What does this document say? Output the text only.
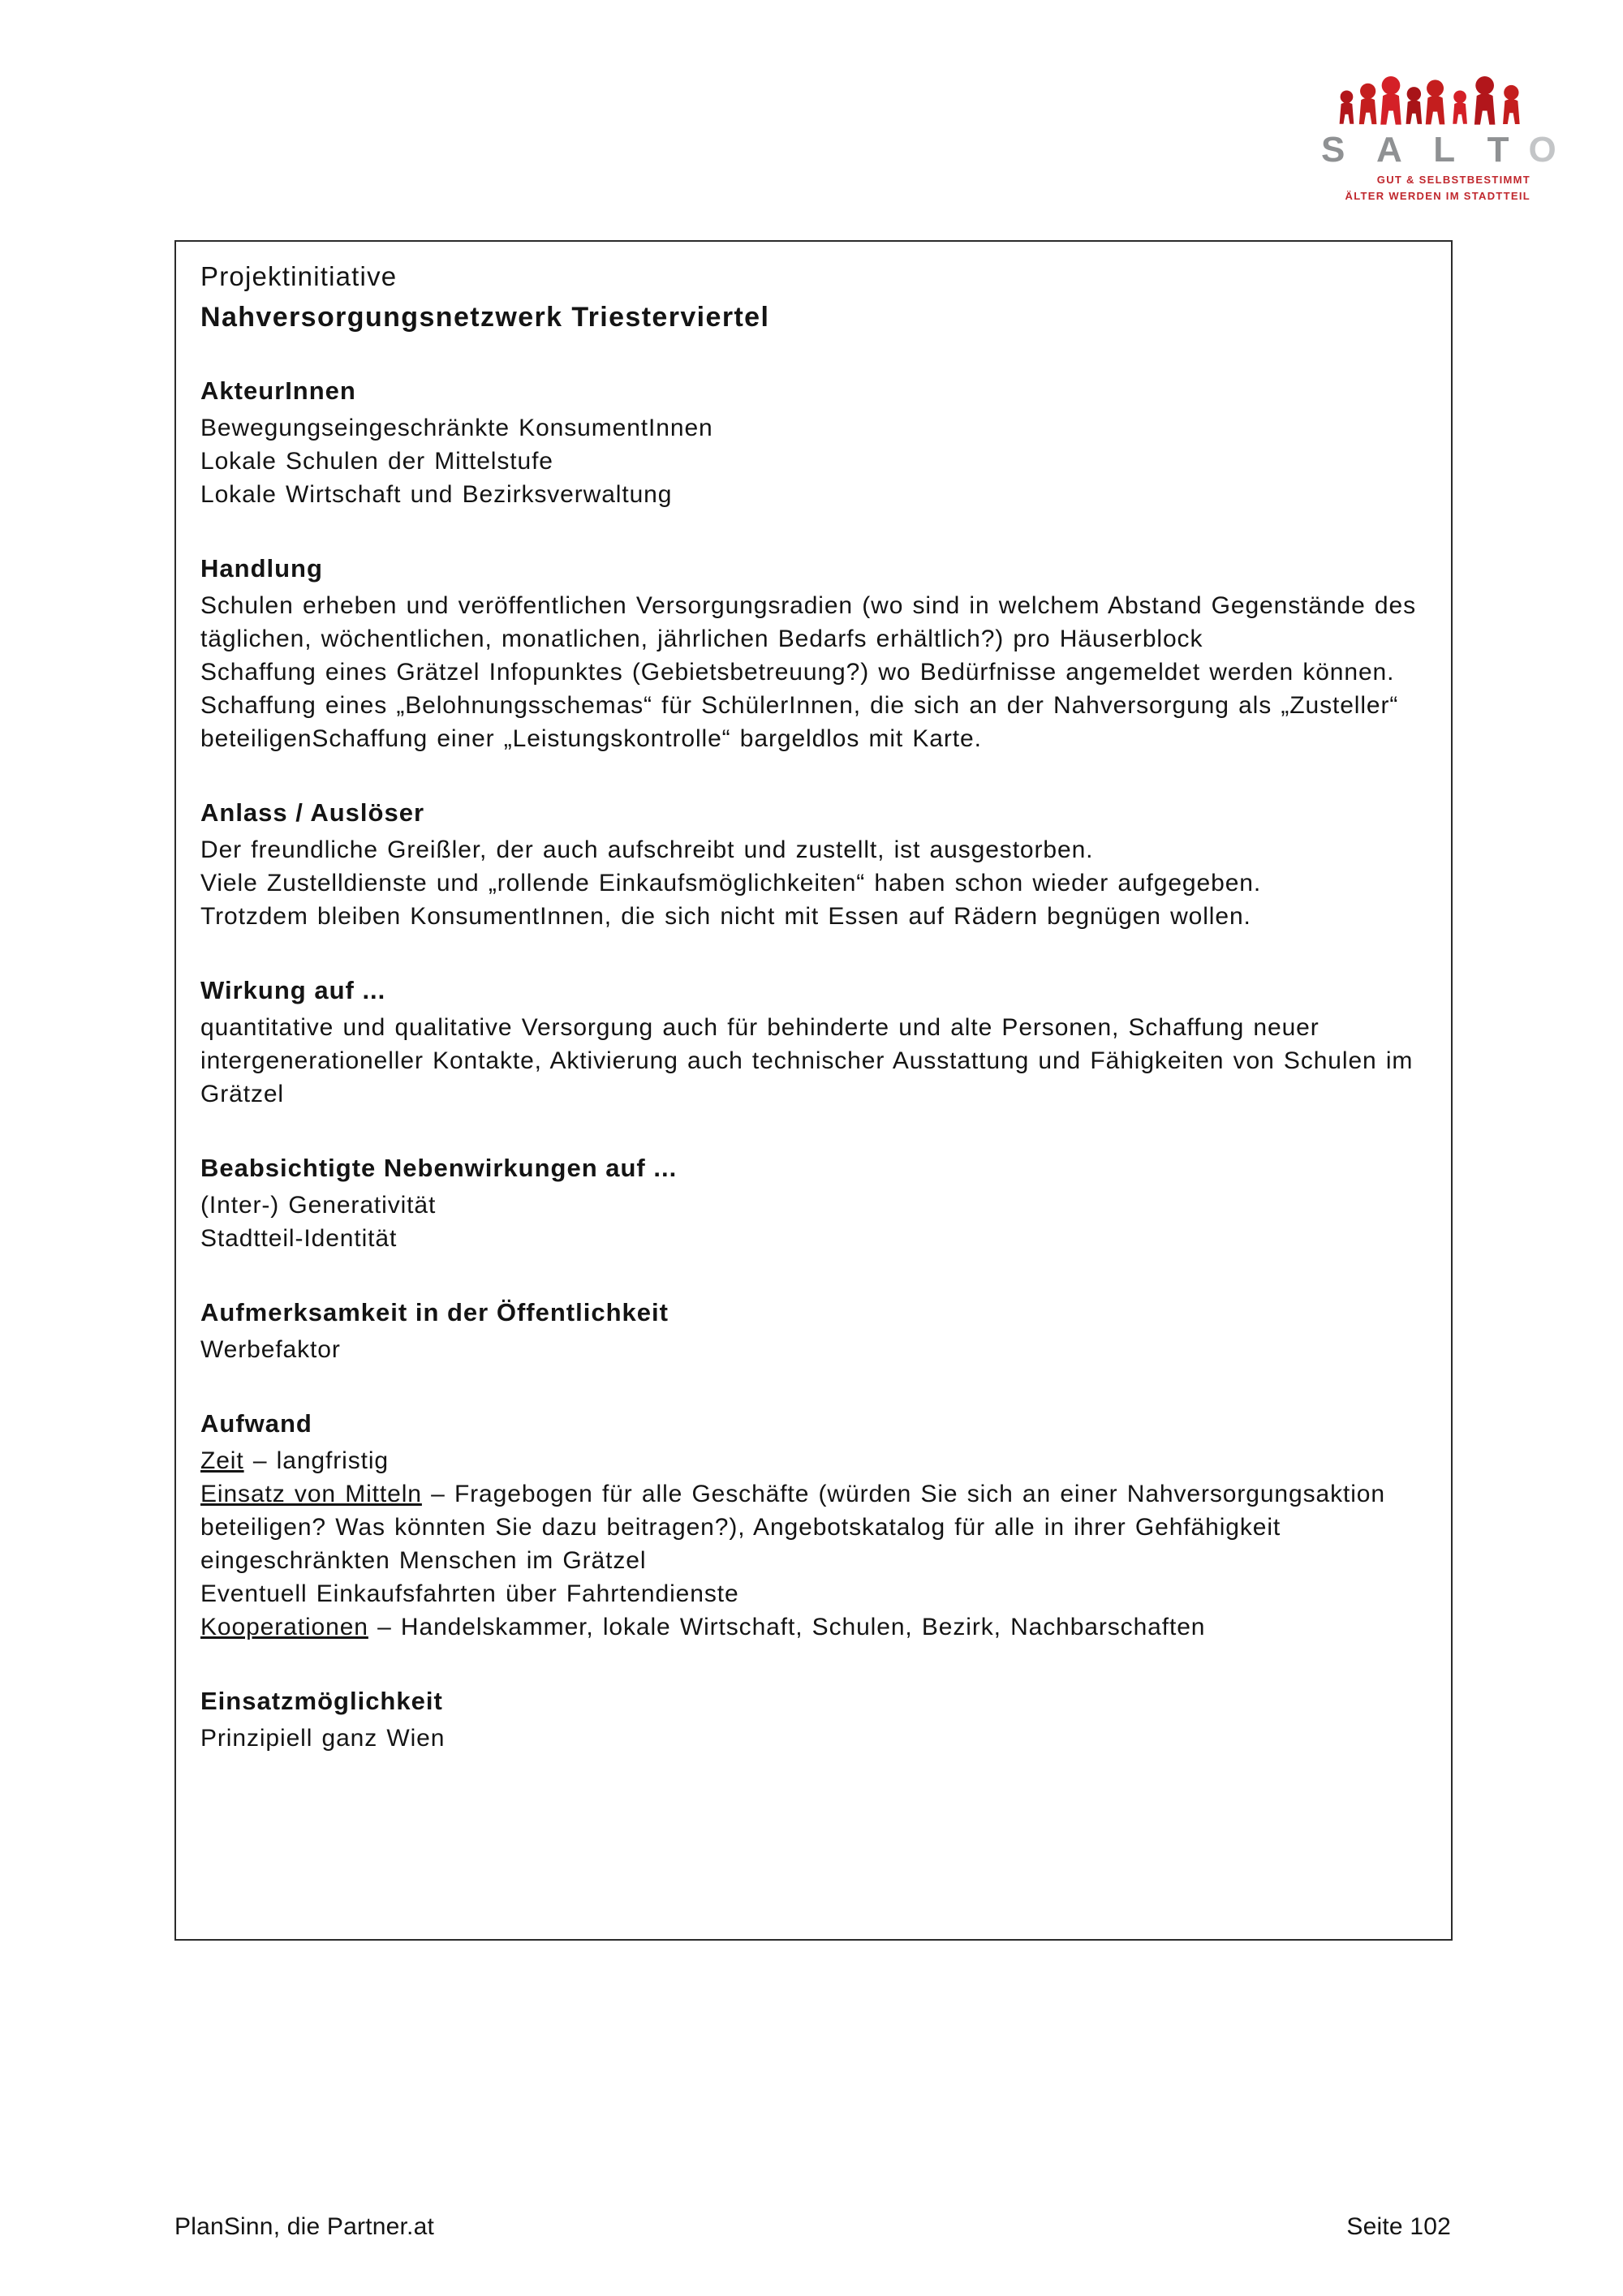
S A L T O
GUT & SELBSTBESTIMMT
ÄLTER WERDEN IM STADTTEIL
Projektinitiative
Nahversorgungsnetzwerk Triesterviertel
AkteurInnen
Bewegungseingeschränkte KonsumentInnen
Lokale Schulen der Mittelstufe
Lokale Wirtschaft und Bezirksverwaltung
Handlung
Schulen erheben und veröffentlichen Versorgungsradien (wo sind in welchem Abstand Gegenstände des täglichen, wöchentlichen, monatlichen, jährlichen Bedarfs erhältlich?) pro Häuserblock
Schaffung eines Grätzel Infopunktes (Gebietsbetreuung?) wo Bedürfnisse angemeldet werden können. Schaffung eines „Belohnungsschemas“ für SchülerInnen, die sich an der Nahversorgung als „Zusteller“ beteiligenSchaffung einer „Leistungskontrolle“ bargeldlos mit Karte.
Anlass / Auslöser
Der freundliche Greißler, der auch aufschreibt und zustellt, ist ausgestorben.
Viele Zustelldienste und „rollende Einkaufsmöglichkeiten“ haben schon wieder aufgegeben.
Trotzdem bleiben KonsumentInnen, die sich nicht mit Essen auf Rädern begnügen wollen.
Wirkung auf ...
quantitative und qualitative Versorgung auch für behinderte und alte Personen, Schaffung neuer intergenerationeller Kontakte, Aktivierung auch technischer Ausstattung und Fähigkeiten von Schulen im Grätzel
Beabsichtigte Nebenwirkungen auf ...
(Inter-) Generativität
Stadtteil-Identität
Aufmerksamkeit in der Öffentlichkeit
Werbefaktor
Aufwand
Zeit – langfristig
Einsatz von Mitteln – Fragebogen für alle Geschäfte (würden Sie sich an einer Nahversorgungsaktion beteiligen? Was könnten Sie dazu beitragen?), Angebotskatalog für alle in ihrer Gehfähigkeit eingeschränkten Menschen im Grätzel
Eventuell Einkaufsfahrten über Fahrtendienste
Kooperationen – Handelskammer, lokale Wirtschaft, Schulen, Bezirk, Nachbarschaften
Einsatzmöglichkeit
Prinzipiell ganz Wien
PlanSinn, die Partner.at	Seite 102
